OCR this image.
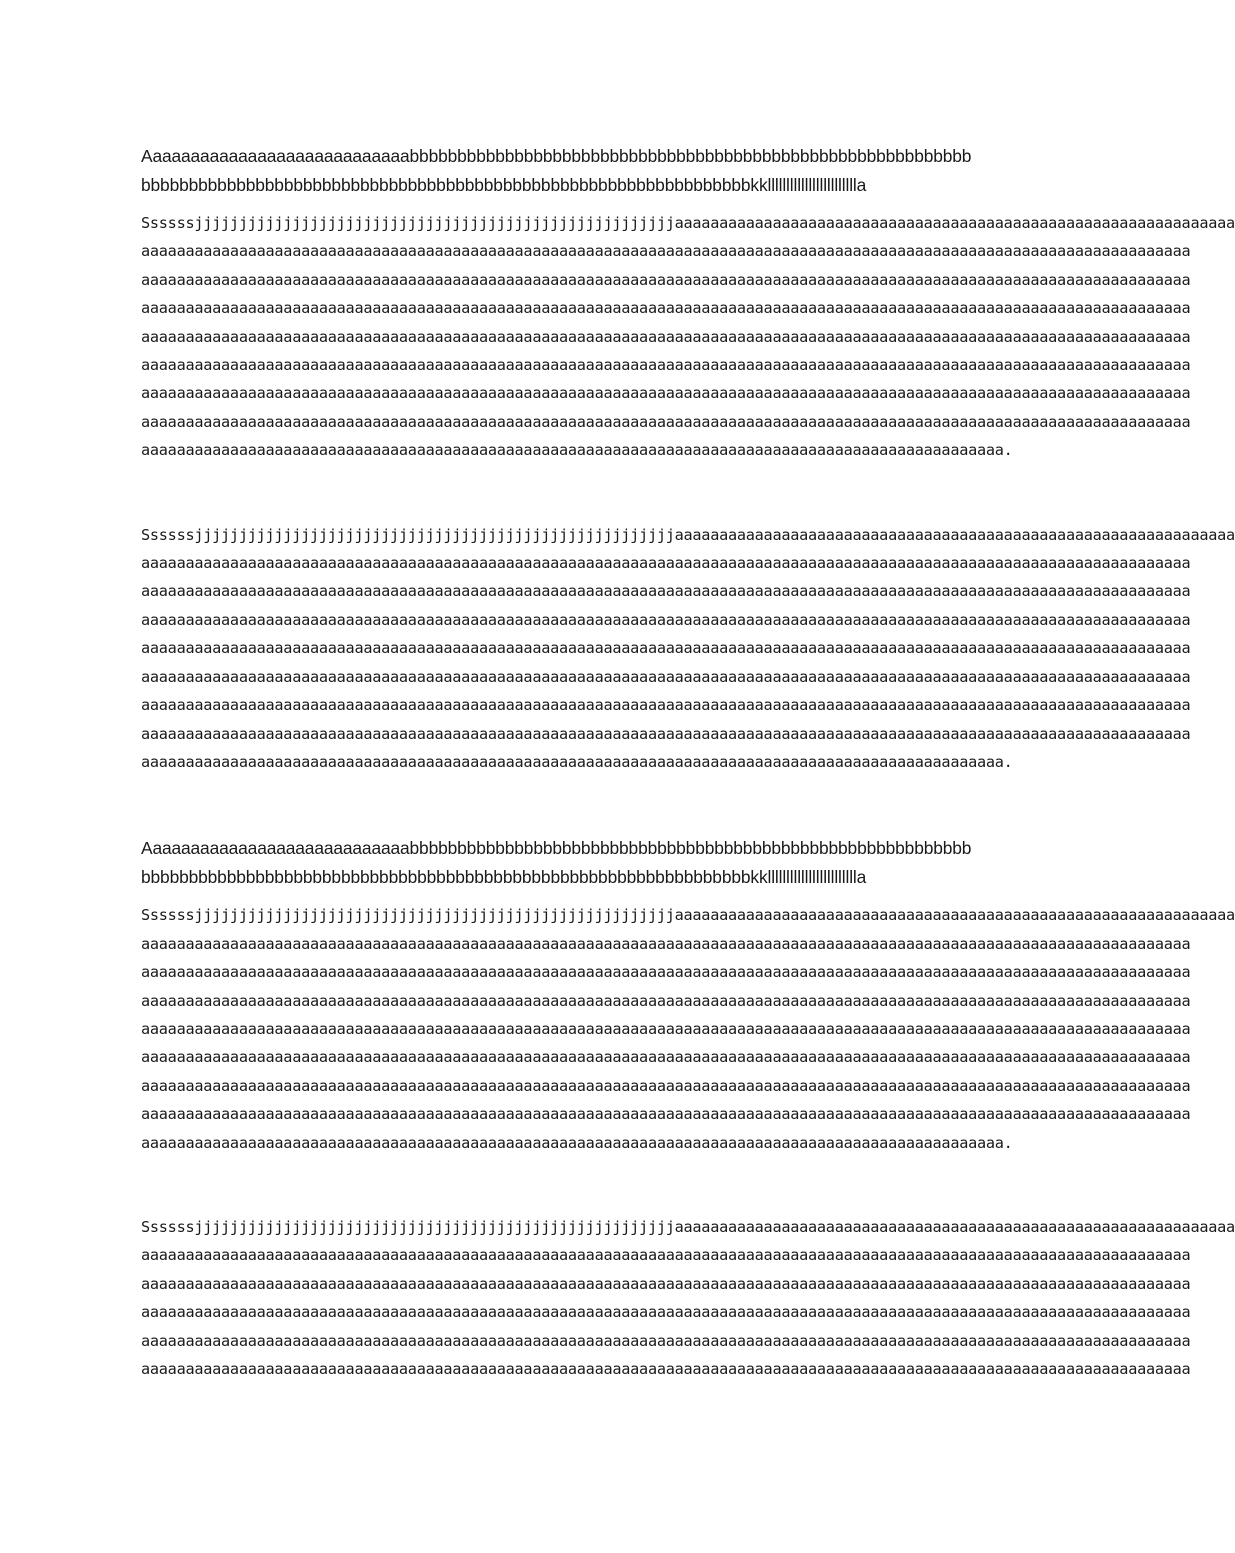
Aaaaaaaaaaaaaaaaaaaaaaaaaaaabbbbbbbbbbbbbbbbbbbbbbbbbbbbbbbbbbbbbbbbbbbbbbbbbbbbbbbbbbb
bbbbbbbbbbbbbbbbbbbbbbbbbbbbbbbbbbbbbbbbbbbbbbbbbbbbbbbbbbbbbbbbkklllllllllllllllllllllllla
Ssssssjjjjjjjjjjjjjjjjjjjjjjjjjjjjjjjjjjjjjjjjjjjjjjjjjjjjjjaaaaaaaaaaaaaaaaaaaaaaaaaaaaaaaaaaaaaaaaaaaaaaaaaaaaaaaaaaaaaaa
aaaaaaaaaaaaaaaaaaaaaaaaaaaaaaaaaaaaaaaaaaaaaaaaaaaaaaaaaaaaaaaaaaaaaaaaaaaaaaaaaaaaaaaaaaaaaaaaaaaaaaaaaaaaaaaaaaaaaa
aaaaaaaaaaaaaaaaaaaaaaaaaaaaaaaaaaaaaaaaaaaaaaaaaaaaaaaaaaaaaaaaaaaaaaaaaaaaaaaaaaaaaaaaaaaaaaaaaaaaaaaaaaaaaaaaaaaaaa
aaaaaaaaaaaaaaaaaaaaaaaaaaaaaaaaaaaaaaaaaaaaaaaaaaaaaaaaaaaaaaaaaaaaaaaaaaaaaaaaaaaaaaaaaaaaaaaaaaaaaaaaaaaaaaaaaaaaaa
aaaaaaaaaaaaaaaaaaaaaaaaaaaaaaaaaaaaaaaaaaaaaaaaaaaaaaaaaaaaaaaaaaaaaaaaaaaaaaaaaaaaaaaaaaaaaaaaaaaaaaaaaaaaaaaaaaaaaa
aaaaaaaaaaaaaaaaaaaaaaaaaaaaaaaaaaaaaaaaaaaaaaaaaaaaaaaaaaaaaaaaaaaaaaaaaaaaaaaaaaaaaaaaaaaaaaaaaaaaaaaaaaaaaaaaaaaaaa
aaaaaaaaaaaaaaaaaaaaaaaaaaaaaaaaaaaaaaaaaaaaaaaaaaaaaaaaaaaaaaaaaaaaaaaaaaaaaaaaaaaaaaaaaaaaaaaaaaaaaaaaaaaaaaaaaaaaaa
aaaaaaaaaaaaaaaaaaaaaaaaaaaaaaaaaaaaaaaaaaaaaaaaaaaaaaaaaaaaaaaaaaaaaaaaaaaaaaaaaaaaaaaaaaaaaaaaaaaaaaaaaaaaaaaaaaaaaa
aaaaaaaaaaaaaaaaaaaaaaaaaaaaaaaaaaaaaaaaaaaaaaaaaaaaaaaaaaaaaaaaaaaaaaaaaaaaaaaaaaaaaaaaaaaaaaaaa.
Ssssssjjjjjjjjjjjjjjjjjjjjjjjjjjjjjjjjjjjjjjjjjjjjjjjjjjjjjjaaaaaaaaaaaaaaaaaaaaaaaaaaaaaaaaaaaaaaaaaaaaaaaaaaaaaaaaaaaaaaa
aaaaaaaaaaaaaaaaaaaaaaaaaaaaaaaaaaaaaaaaaaaaaaaaaaaaaaaaaaaaaaaaaaaaaaaaaaaaaaaaaaaaaaaaaaaaaaaaaaaaaaaaaaaaaaaaaaaaaa
aaaaaaaaaaaaaaaaaaaaaaaaaaaaaaaaaaaaaaaaaaaaaaaaaaaaaaaaaaaaaaaaaaaaaaaaaaaaaaaaaaaaaaaaaaaaaaaaaaaaaaaaaaaaaaaaaaaaaa
aaaaaaaaaaaaaaaaaaaaaaaaaaaaaaaaaaaaaaaaaaaaaaaaaaaaaaaaaaaaaaaaaaaaaaaaaaaaaaaaaaaaaaaaaaaaaaaaaaaaaaaaaaaaaaaaaaaaaa
aaaaaaaaaaaaaaaaaaaaaaaaaaaaaaaaaaaaaaaaaaaaaaaaaaaaaaaaaaaaaaaaaaaaaaaaaaaaaaaaaaaaaaaaaaaaaaaaaaaaaaaaaaaaaaaaaaaaaa
aaaaaaaaaaaaaaaaaaaaaaaaaaaaaaaaaaaaaaaaaaaaaaaaaaaaaaaaaaaaaaaaaaaaaaaaaaaaaaaaaaaaaaaaaaaaaaaaaaaaaaaaaaaaaaaaaaaaaa
aaaaaaaaaaaaaaaaaaaaaaaaaaaaaaaaaaaaaaaaaaaaaaaaaaaaaaaaaaaaaaaaaaaaaaaaaaaaaaaaaaaaaaaaaaaaaaaaaaaaaaaaaaaaaaaaaaaaaa
aaaaaaaaaaaaaaaaaaaaaaaaaaaaaaaaaaaaaaaaaaaaaaaaaaaaaaaaaaaaaaaaaaaaaaaaaaaaaaaaaaaaaaaaaaaaaaaaaaaaaaaaaaaaaaaaaaaaaa
aaaaaaaaaaaaaaaaaaaaaaaaaaaaaaaaaaaaaaaaaaaaaaaaaaaaaaaaaaaaaaaaaaaaaaaaaaaaaaaaaaaaaaaaaaaaaaaaa.
Aaaaaaaaaaaaaaaaaaaaaaaaaaaabbbbbbbbbbbbbbbbbbbbbbbbbbbbbbbbbbbbbbbbbbbbbbbbbbbbbbbbbbb
bbbbbbbbbbbbbbbbbbbbbbbbbbbbbbbbbbbbbbbbbbbbbbbbbbbbbbbbbbbbbbbbkklllllllllllllllllllllllla
Ssssssjjjjjjjjjjjjjjjjjjjjjjjjjjjjjjjjjjjjjjjjjjjjjjjjjjjjjjaaaaaaaaaaaaaaaaaaaaaaaaaaaaaaaaaaaaaaaaaaaaaaaaaaaaaaaaaaaaaaa
aaaaaaaaaaaaaaaaaaaaaaaaaaaaaaaaaaaaaaaaaaaaaaaaaaaaaaaaaaaaaaaaaaaaaaaaaaaaaaaaaaaaaaaaaaaaaaaaaaaaaaaaaaaaaaaaaaaaaa
aaaaaaaaaaaaaaaaaaaaaaaaaaaaaaaaaaaaaaaaaaaaaaaaaaaaaaaaaaaaaaaaaaaaaaaaaaaaaaaaaaaaaaaaaaaaaaaaaaaaaaaaaaaaaaaaaaaaaa
aaaaaaaaaaaaaaaaaaaaaaaaaaaaaaaaaaaaaaaaaaaaaaaaaaaaaaaaaaaaaaaaaaaaaaaaaaaaaaaaaaaaaaaaaaaaaaaaaaaaaaaaaaaaaaaaaaaaaa
aaaaaaaaaaaaaaaaaaaaaaaaaaaaaaaaaaaaaaaaaaaaaaaaaaaaaaaaaaaaaaaaaaaaaaaaaaaaaaaaaaaaaaaaaaaaaaaaaaaaaaaaaaaaaaaaaaaaaa
aaaaaaaaaaaaaaaaaaaaaaaaaaaaaaaaaaaaaaaaaaaaaaaaaaaaaaaaaaaaaaaaaaaaaaaaaaaaaaaaaaaaaaaaaaaaaaaaaaaaaaaaaaaaaaaaaaaaaa
aaaaaaaaaaaaaaaaaaaaaaaaaaaaaaaaaaaaaaaaaaaaaaaaaaaaaaaaaaaaaaaaaaaaaaaaaaaaaaaaaaaaaaaaaaaaaaaaaaaaaaaaaaaaaaaaaaaaaa
aaaaaaaaaaaaaaaaaaaaaaaaaaaaaaaaaaaaaaaaaaaaaaaaaaaaaaaaaaaaaaaaaaaaaaaaaaaaaaaaaaaaaaaaaaaaaaaaaaaaaaaaaaaaaaaaaaaaaa
aaaaaaaaaaaaaaaaaaaaaaaaaaaaaaaaaaaaaaaaaaaaaaaaaaaaaaaaaaaaaaaaaaaaaaaaaaaaaaaaaaaaaaaaaaaaaaaaa.
Ssssssjjjjjjjjjjjjjjjjjjjjjjjjjjjjjjjjjjjjjjjjjjjjjjjjjjjjjjaaaaaaaaaaaaaaaaaaaaaaaaaaaaaaaaaaaaaaaaaaaaaaaaaaaaaaaaaaaaaaa
aaaaaaaaaaaaaaaaaaaaaaaaaaaaaaaaaaaaaaaaaaaaaaaaaaaaaaaaaaaaaaaaaaaaaaaaaaaaaaaaaaaaaaaaaaaaaaaaaaaaaaaaaaaaaaaaaaaaaa
aaaaaaaaaaaaaaaaaaaaaaaaaaaaaaaaaaaaaaaaaaaaaaaaaaaaaaaaaaaaaaaaaaaaaaaaaaaaaaaaaaaaaaaaaaaaaaaaaaaaaaaaaaaaaaaaaaaaaa
aaaaaaaaaaaaaaaaaaaaaaaaaaaaaaaaaaaaaaaaaaaaaaaaaaaaaaaaaaaaaaaaaaaaaaaaaaaaaaaaaaaaaaaaaaaaaaaaaaaaaaaaaaaaaaaaaaaaaa
aaaaaaaaaaaaaaaaaaaaaaaaaaaaaaaaaaaaaaaaaaaaaaaaaaaaaaaaaaaaaaaaaaaaaaaaaaaaaaaaaaaaaaaaaaaaaaaaaaaaaaaaaaaaaaaaaaaaaa
aaaaaaaaaaaaaaaaaaaaaaaaaaaaaaaaaaaaaaaaaaaaaaaaaaaaaaaaaaaaaaaaaaaaaaaaaaaaaaaaaaaaaaaaaaaaaaaaaaaaaaaaaaaaaaaaaaaaaa
